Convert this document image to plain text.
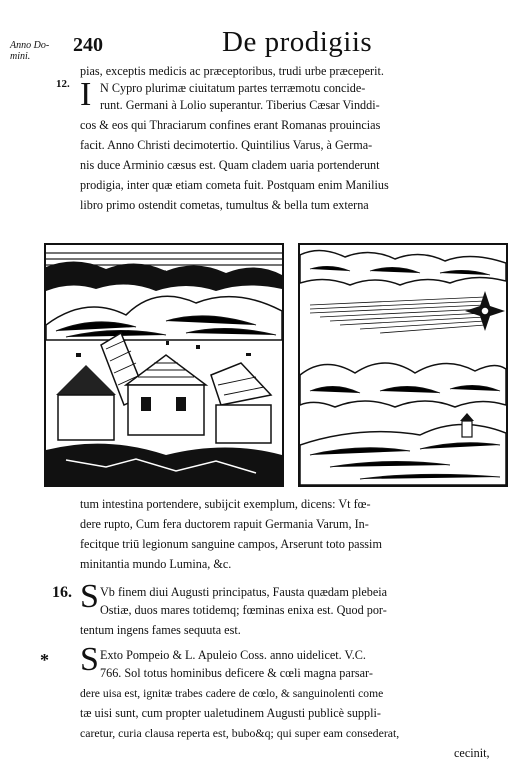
Anno Do-
mini.
240	De prodigiis
pias, exceptis medicis ac præceptoribus, trudi urbe præceperit.
12. I N Cypro plurimæ ciuitatum partes terræmotu concide-
runt. Germani à Lolio superantur. Tiberius Cæsar Vinddi-
cos & eos qui Thraciarum confines erant Romanas prouincias
facit. Anno Christi decimotertio. Quintilius Varus, à Germa-
nis duce Arminio cæsus est. Quam cladem uaria portenderunt
prodigia, inter quæ etiam cometa fuit. Postquam enim Manilius
libro primo ostendit cometas, tumultus & bella tum externa
tum intestina portendere, subijcit exemplum, dicens: Vt fœ-
dere rupto, Cum fera ductorem rapuit Germania Varum, In-
fecitque triū legionum sanguine campos, Arserunt toto passim
minitantia mundo Lumina, &c.
16. S Vb finem diui Augusti principatus, Fausta quædam plebeia
Ostiæ, duos mares totidemq; fœminas enixa est. Quod por-
tentum ingens fames sequuta est.
* S Exto Pompeio & L. Apuleio Coss. anno uidelicet. V.C.
766. Sol totus hominibus deficere & cœli magna parsar-
dere uisa est, ignitæ trabes cadere de cœlo, & sanguinolenti come
tæ uisi sunt, cum propter ualetudinem Augusti publicè suppli-
caretur, curia clausa reperta est, bubo&q; qui super eam consederat,
cecinit,
